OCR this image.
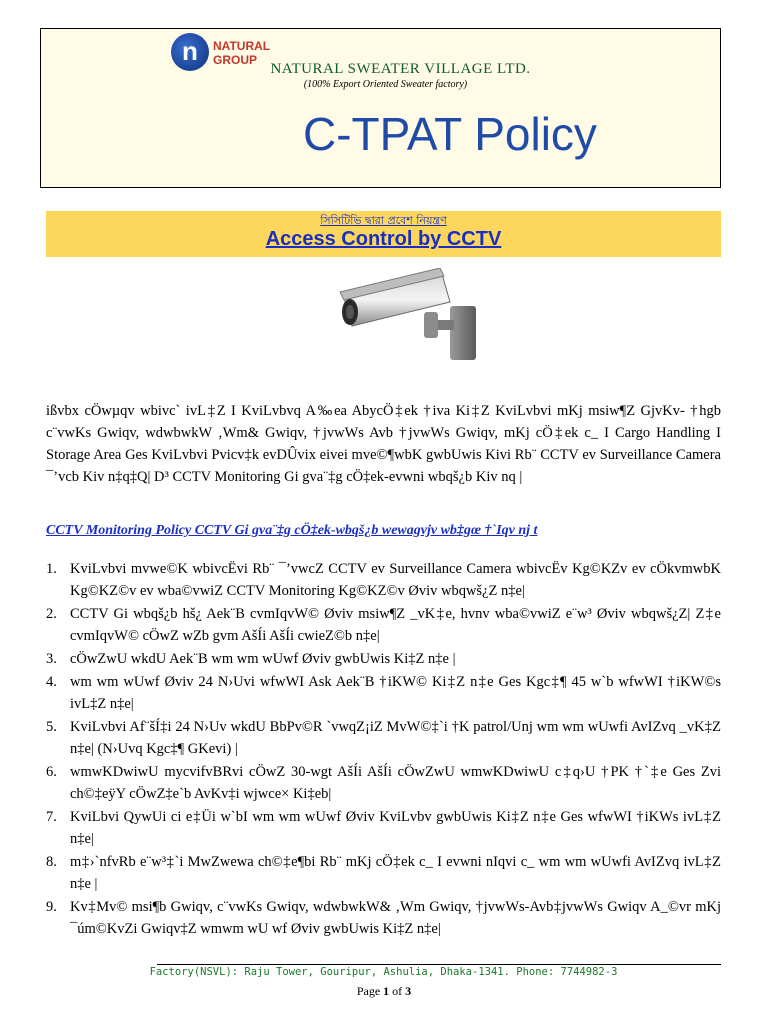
n	NATURAL
GROUP
NATURAL SWEATER VILLAGE LTD.
(100% Export Oriented Sweater factory)
C-TPAT Policy
সিসিটিভি দ্বারা প্রবেশ নিয়ন্ত্রণ
Access Control by CCTV
ißvbx cÖwµqv wbivc` ivL‡Z I KviLvbvq A‰ea AbycÖ‡ek †iva Ki‡Z KviLvbvi mKj msiw¶Z GjvKv- †hgb c¨vwKs Gwiqv, wdwbwkW ‚Wm& Gwiqv, †jvwWs Avb †jvwWs Gwiqv, mKj cÖ‡ek c_ I Cargo Handling I Storage Area Ges KviLvbvi Pvicv‡k evDÛvix eivei mve©¶wbK gwbUwis Kivi Rb¨ CCTV ev Surveillance Camera ¯’vcb Kiv n‡q‡Q| D³ CCTV Monitoring Gi gva¨‡g cÖ‡ek-evwni wbqš¿b Kiv nq |
CCTV Monitoring Policy CCTV Gi gva¨‡g cÖ‡ek-wbqš¿b wewagvjv wb‡gœ †`Iqv nj t
1. KviLvbvi mvwe©K wbivcËvi Rb¨ ¯’vwcZ CCTV ev Surveillance Camera wbivcËv Kg©KZv ev cÖkvmwbK Kg©KZ©v ev wba©vwiZ CCTV Monitoring Kg©KZ©v Øviv wbqwš¿Z n‡e|
2. CCTV Gi wbqš¿b hš¿ Aek¨B cvmIqvW© Øviv msiw¶Z _vK‡e, hvnv wba©vwiZ e¨w³ Øviv wbqwš¿Z| Z‡e cvmIqvW© cÖwZ wZb gvm AšÍi AšÍi cwieZ©b n‡e|
3. cÖwZwU wkdU Aek¨B wm wm wUwf Øviv gwbUwis Ki‡Z n‡e |
4. wm wm wUwf Øviv 24 N›Uvi wfwWI Ask Aek¨B †iKW© Ki‡Z n‡e Ges Kgc‡¶ 45 w`b wfwWI †iKW©s ivL‡Z n‡e|
5. KviLvbvi Af¨šÍ‡i 24 N›Uv wkdU BbPv©R `vwqZ¡iZ MvW©‡`i †K patrol/Unj wm wm wUwfi AvIZvq _vK‡Z n‡e| (N›Uvq Kgc‡¶ GKevi) |
6. wmwKDwiwU mycvifvBRvi cÖwZ 30-wgt AšÍi AšÍi cÖwZwU wmwKDwiwU c‡q›U †PK †`‡e Ges Zvi ch©‡eÿY cÖwZ‡e`b AvKv‡i wjwce× Ki‡eb|
7. KviLbvi QywUi ci e‡Üi w`bI wm wm wUwf Øviv KviLvbv gwbUwis Ki‡Z n‡e Ges wfwWI †iKWs ivL‡Z n‡e|
8. m‡›`nfvRb e¨w³‡`i MwZwewa ch©‡e¶bi Rb¨ mKj cÖ‡ek c_ I evwni nIqvi c_ wm wm wUwfi AvIZvq ivL‡Z n‡e |
9. Kv‡Mv© msi¶b Gwiqv, c¨vwKs Gwiqv, wdwbwkW& ‚Wm Gwiqv, †jvwWs-Avb‡jvwWs Gwiqv A_©vr mKj ¯úm©KvZi Gwiqv‡Z wmwm wU wf Øviv gwbUwis Ki‡Z n‡e|
Factory(NSVL): Raju Tower, Gouripur, Ashulia, Dhaka-1341. Phone: 7744982-3
Page 1 of 3
